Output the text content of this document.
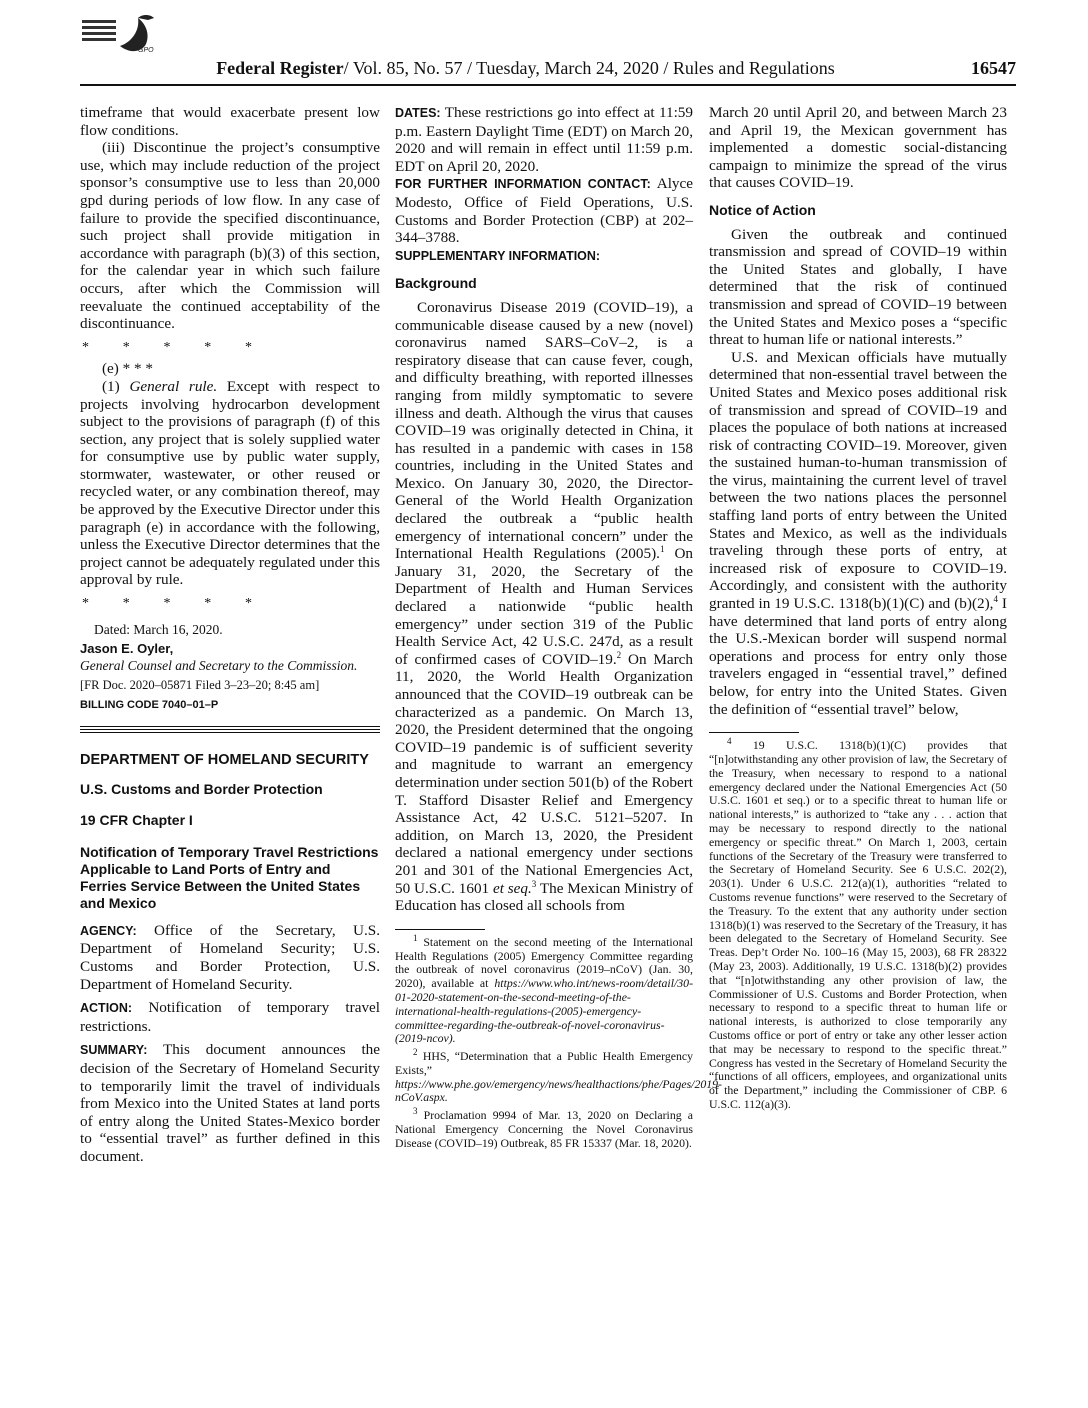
GPO
Federal Register/ Vol. 85, No. 57 / Tuesday, March 24, 2020 / Rules and Regulations	16547

timeframe that would exacerbate present low flow conditions.

(iii) Discontinue the project’s consumptive use, which may include reduction of the project sponsor’s consumptive use to less than 20,000 gpd during periods of low flow. In any case of failure to provide the specified discontinuance, such project shall provide mitigation in accordance with paragraph (b)(3) of this section, for the calendar year in which such failure occurs, after which the Commission will reevaluate the continued acceptability of the discontinuance.

* * * * *

(e) * * *

(1) General rule. Except with respect to projects involving hydrocarbon development subject to the provisions of paragraph (f) of this section, any project that is solely supplied water for consumptive use by public water supply, stormwater, wastewater, or other reused or recycled water, or any combination thereof, may be approved by the Executive Director under this paragraph (e) in accordance with the following, unless the Executive Director determines that the project cannot be adequately regulated under this approval by rule.

* * * * *
Dated: March 16, 2020.
Jason E. Oyler,
General Counsel and Secretary to the Commission.
[FR Doc. 2020–05871 Filed 3–23–20; 8:45 am]
BILLING CODE 7040–01–P
DEPARTMENT OF HOMELAND SECURITY
U.S. Customs and Border Protection
19 CFR Chapter I
Notification of Temporary Travel Restrictions Applicable to Land Ports of Entry and Ferries Service Between the United States and Mexico

AGENCY: Office of the Secretary, U.S. Department of Homeland Security; U.S. Customs and Border Protection, U.S. Department of Homeland Security.

ACTION: Notification of temporary travel restrictions.

SUMMARY: This document announces the decision of the Secretary of Homeland Security to temporarily limit the travel of individuals from Mexico into the United States at land ports of entry along the United States-Mexico border to “essential travel” as further defined in this document.

DATES: These restrictions go into effect at 11:59 p.m. Eastern Daylight Time (EDT) on March 20, 2020 and will remain in effect until 11:59 p.m. EDT on April 20, 2020.

FOR FURTHER INFORMATION CONTACT: Alyce Modesto, Office of Field Operations, U.S. Customs and Border Protection (CBP) at 202–344–3788.

SUPPLEMENTARY INFORMATION:

Background

Coronavirus Disease 2019 (COVID–19), a communicable disease caused by a new (novel) coronavirus named SARS–CoV–2, is a respiratory disease that can cause fever, cough, and difficulty breathing, with reported illnesses ranging from mildly symptomatic to severe illness and death. Although the virus that causes COVID–19 was originally detected in China, it has resulted in a pandemic with cases in 158 countries, including in the United States and Mexico. On January 30, 2020, the Director-General of the World Health Organization declared the outbreak a “public health emergency of international concern” under the International Health Regulations (2005).$^1$ On January 31, 2020, the Secretary of the Department of Health and Human Services declared a nationwide “public health emergency” under section 319 of the Public Health Service Act, 42 U.S.C. 247d, as a result of confirmed cases of COVID–19.$^2$ On March 11, 2020, the World Health Organization announced that the COVID–19 outbreak can be characterized as a pandemic. On March 13, 2020, the President determined that the ongoing COVID–19 pandemic is of sufficient severity and magnitude to warrant an emergency determination under section 501(b) of the Robert T. Stafford Disaster Relief and Emergency Assistance Act, 42 U.S.C. 5121–5207. In addition, on March 13, 2020, the President declared a national emergency under sections 201 and 301 of the National Emergencies Act, 50 U.S.C. 1601 et seq.$^3$ The Mexican Ministry of Education has closed all schools from

$^1$ Statement on the second meeting of the International Health Regulations (2005) Emergency Committee regarding the outbreak of novel coronavirus (2019–nCoV) (Jan. 30, 2020), available at https://www.who.int/news-room/detail/30-01-2020-statement-on-the-second-meeting-of-the-international-health-regulations-(2005)-emergency-committee-regarding-the-outbreak-of-novel-coronavirus-(2019-ncov).
$^2$ HHS, “Determination that a Public Health Emergency Exists,” https://www.phe.gov/emergency/news/healthactions/phe/Pages/2019-nCoV.aspx.
$^3$ Proclamation 9994 of Mar. 13, 2020 on Declaring a National Emergency Concerning the Novel Coronavirus Disease (COVID–19) Outbreak, 85 FR 15337 (Mar. 18, 2020).

March 20 until April 20, and between March 23 and April 19, the Mexican government has implemented a domestic social-distancing campaign to minimize the spread of the virus that causes COVID–19.

Notice of Action

Given the outbreak and continued transmission and spread of COVID–19 within the United States and globally, I have determined that the risk of continued transmission and spread of COVID–19 between the United States and Mexico poses a “specific threat to human life or national interests.”

U.S. and Mexican officials have mutually determined that non-essential travel between the United States and Mexico poses additional risk of transmission and spread of COVID–19 and places the populace of both nations at increased risk of contracting COVID–19. Moreover, given the sustained human-to-human transmission of the virus, maintaining the current level of travel between the two nations places the personnel staffing land ports of entry between the United States and Mexico, as well as the individuals traveling through these ports of entry, at increased risk of exposure to COVID–19. Accordingly, and consistent with the authority granted in 19 U.S.C. 1318(b)(1)(C) and (b)(2),$^4$ I have determined that land ports of entry along the U.S.-Mexican border will suspend normal operations and process for entry only those travelers engaged in “essential travel,” defined below, for entry into the United States. Given the definition of “essential travel” below,

$^4$ 19 U.S.C. 1318(b)(1)(C) provides that “[n]otwithstanding any other provision of law, the Secretary of the Treasury, when necessary to respond to a national emergency declared under the National Emergencies Act (50 U.S.C. 1601 et seq.) or to a specific threat to human life or national interests,” is authorized to “take any . . . action that may be necessary to respond directly to the national emergency or specific threat.” On March 1, 2003, certain functions of the Secretary of the Treasury were transferred to the Secretary of Homeland Security. See 6 U.S.C. 202(2), 203(1). Under 6 U.S.C. 212(a)(1), authorities “related to Customs revenue functions” were reserved to the Secretary of the Treasury. To the extent that any authority under section 1318(b)(1) was reserved to the Secretary of the Treasury, it has been delegated to the Secretary of Homeland Security. See Treas. Dep’t Order No. 100–16 (May 15, 2003), 68 FR 28322 (May 23, 2003). Additionally, 19 U.S.C. 1318(b)(2) provides that “[n]otwithstanding any other provision of law, the Commissioner of U.S. Customs and Border Protection, when necessary to respond to a specific threat to human life or national interests, is authorized to close temporarily any Customs office or port of entry or take any other lesser action that may be necessary to respond to the specific threat.” Congress has vested in the Secretary of Homeland Security the “functions of all officers, employees, and organizational units of the Department,” including the Commissioner of CBP. 6 U.S.C. 112(a)(3).
